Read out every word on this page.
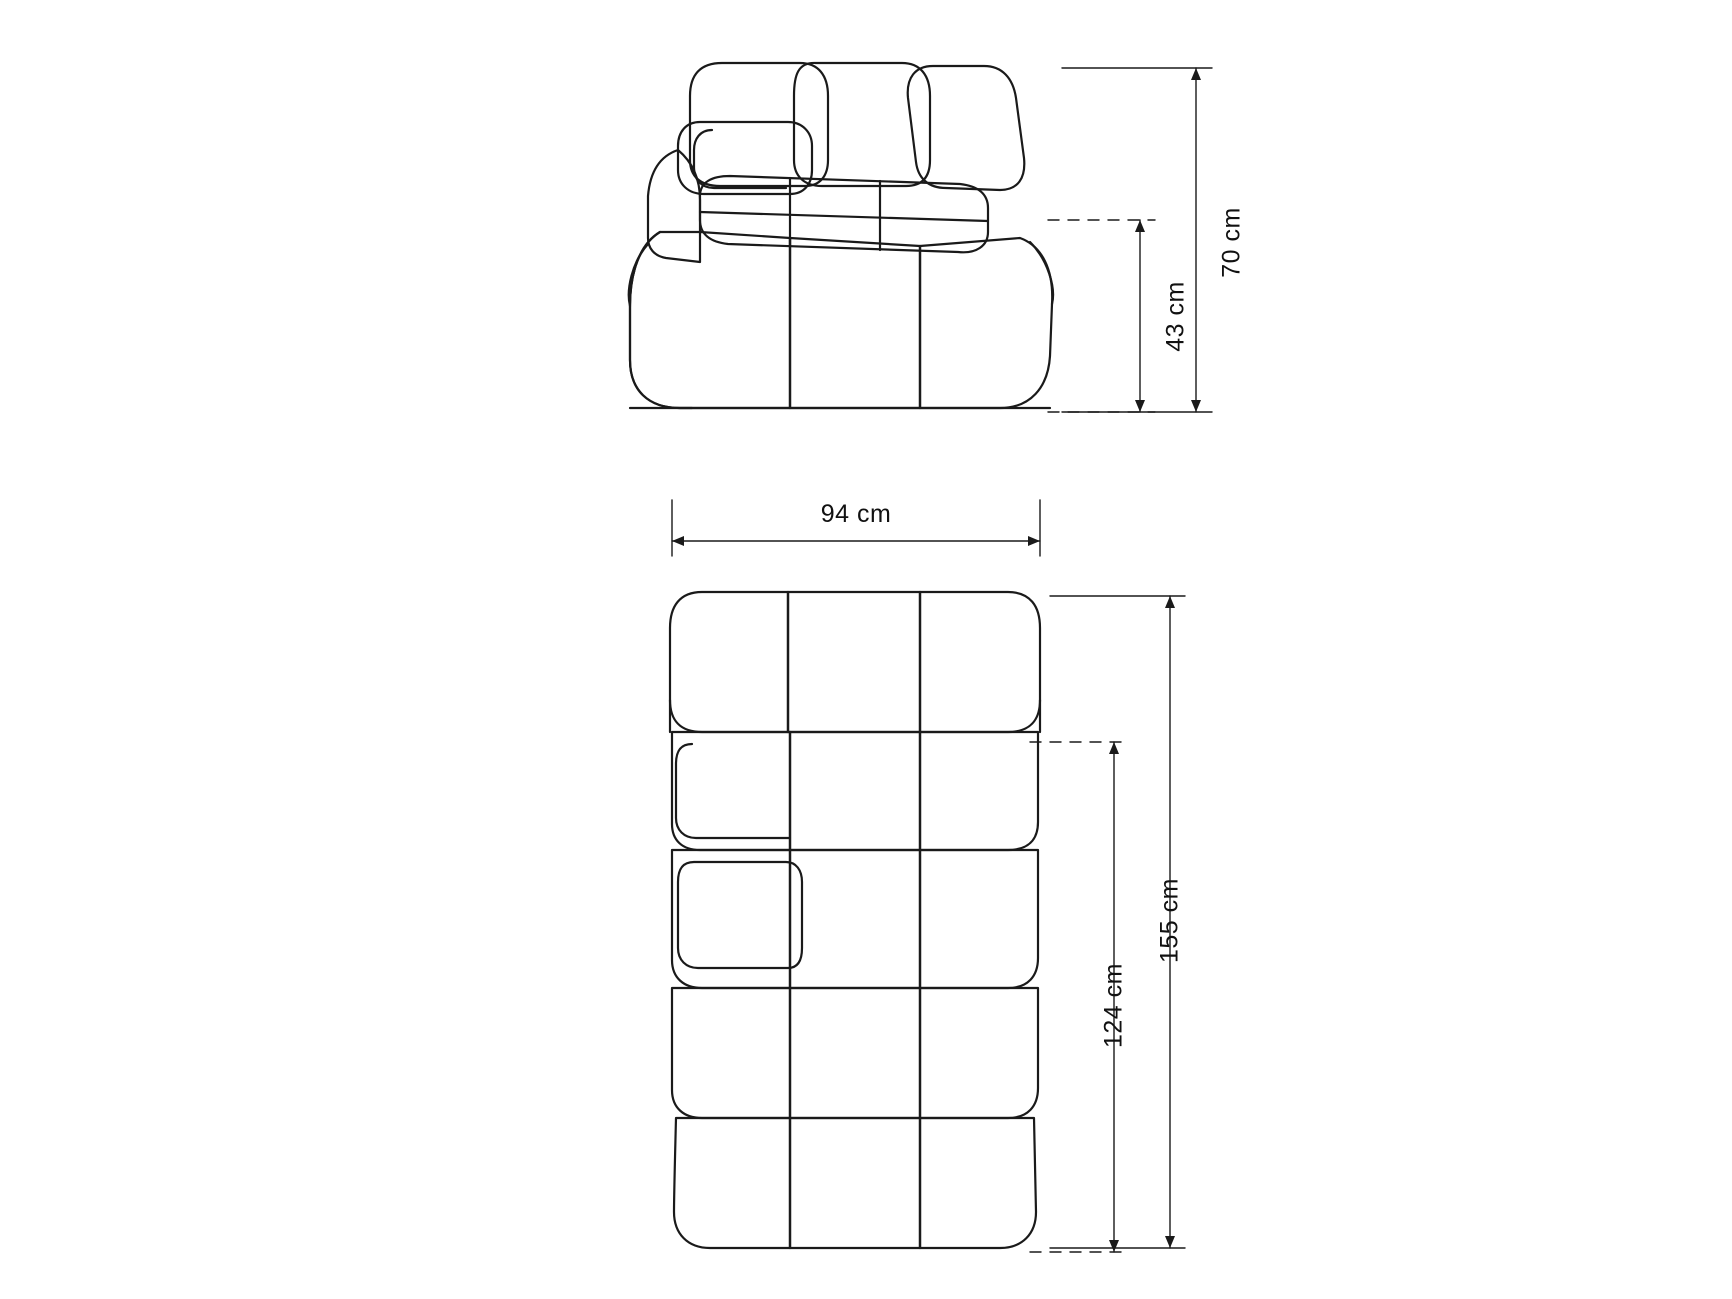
70 cm
43 cm
94 cm
155 cm
124 cm
